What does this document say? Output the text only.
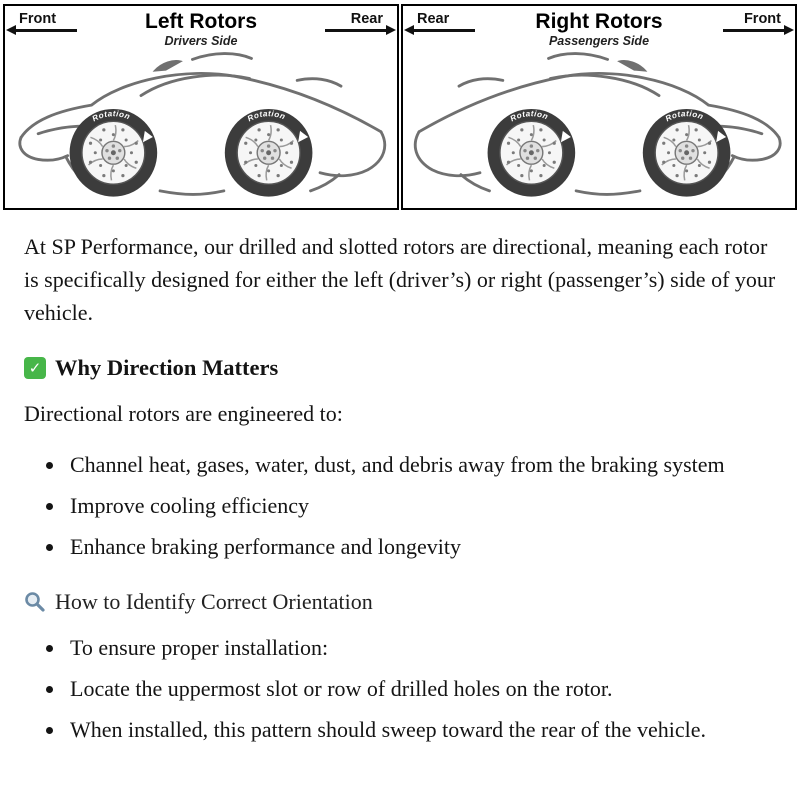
Front	Left Rotors
Drivers Side
Rear Rear	Right Rotors
Passengers Side
Front

At SP Performance, our drilled and slotted rotors are directional, meaning each rotor is specifically designed for either the left (driver’s) or right (passenger’s) side of your vehicle.

✓ Why Direction Matters

Directional rotors are engineered to:

• Channel heat, gases, water, dust, and debris away from the braking system
• Improve cooling efficiency
• Enhance braking performance and longevity
How to Identify Correct Orientation
• To ensure proper installation:
• Locate the uppermost slot or row of drilled holes on the rotor.
• When installed, this pattern should sweep toward the rear of the vehicle.
